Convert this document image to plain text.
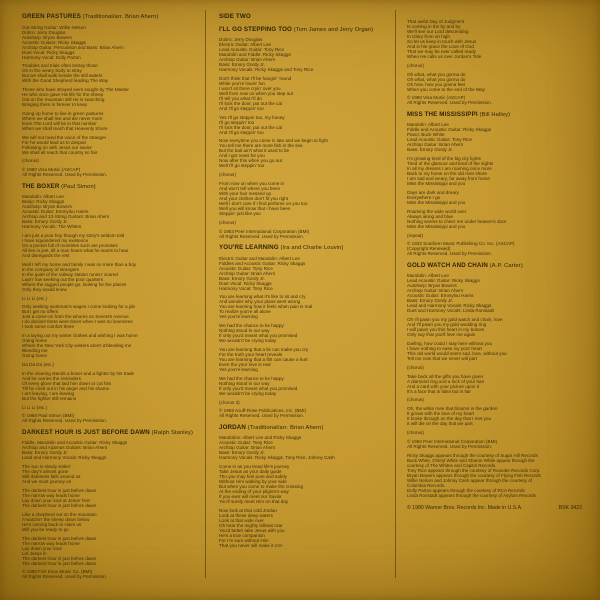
GREEN PASTURES (Traditional/arr. Brian Ahern)
Gut-String Guitar: Willie Nelson
Dobro: Jerry Douglas
Autoharp: Bryan Bowers
Acoustic Guitars: Ricky Skaggs
Archtop Guitar, Percussion and Bass: Brian Ahern
Duet Vocal: Ricky Skaggs
Harmony Vocal: Dolly Parton
Troubles and trials often betray those
On in the weary body to stray
But we shall walk beside the still waters
With the Good Shepherd leading The Way
Those who have strayed were sought by The Master
He who once gave His life for the sheep
Out on the mountain still He is searching
Bringing them in forever to keep
Going up home to live in green pastures
Where we shall live and die never more
Even The Lord will be in that number
When we shall reach that Heavenly Shore
We will not heed the voice of the stranger
For he would lead us to despair
Following on with Jesus our savior
We shall all reach that country so fair
(chorus)
© 1980 Visa Music (ASCAP)
All Rights Reserved. Used by Permission.
THE BOXER (Paul Simon)
Mandolin: Albert Lee
Banjo: Ricky Skaggs
Autoharp: Bryan Bowers
Acoustic Guitar: Emmylou Harris
Archtop and 12-String Guitars: Brian Ahern
Bass: Emory Gordy Jr.
Harmony Vocals: The Whites
I am just a poor boy though my story's seldom told
I have squandered my existence
On a pocket full of mumbles such are promises
All lies in jest, till a man hears what he wants to hear
And disregards the rest
Well I left my home and family I was no more than a boy
In the company of strangers
In the quiet of the railway station runnin' scared
Layin' low seeking out the poor quarters
Where the ragged people go, looking for the places
Only they would know
Li Li Li (etc.)
Only seeking workman's wages I come looking for a job
But I get no offers
Just a come-on from the whores on Seventh Avenue
I do declare there were times when I was so lonesome
I took some comfort there
In a laying out my winter clothes and wishing I was home
Going home
Where the New York City winters aren't a'bleeding me
Bleeding me
Going home
Da Da Da (etc.)
In the clearing stands a boxer and a fighter by his trade
And he carries the reminders
Of every glove that laid him down or cut him
Till he cried out in his anger and his shame
I am leaving, I am leaving
But the fighter still remains
Li Li Li (etc.)
© 1968 Paul Simon (BMI)
All Rights Reserved. Used by Permission.
DARKEST HOUR IS JUST BEFORE DAWN (Ralph Stanley)
Fiddle, Mandolin and Acoustic Guitar: Ricky Skaggs
Archtop and Adamas Guitars: Brian Ahern
Bass: Emory Gordy Jr.
Lead and Harmony Vocals: Ricky Skaggs
The sun is slowly sinkin'
The day's almost gone
Still darkness falls around us
And we must journey on
The darkest hour is just before dawn
The narrow way leads home
Lay down your soul at Jesus' feet
The darkest hour is just before dawn
Like a shepherd out on the mountain
A'watchin' the sheep down below
He's coming back to claim us
Will you be ready to go
The darkest hour is just before dawn
The narrow way leads home
Lay down your soul
Let Jesus in
The darkest hour is just before dawn
The darkest hour is just before dawn
© 1980 Fort Knox Music Co. (BMI)
All Rights Reserved. Used by Permission.
SIDE TWO
I'LL GO STEPPING TOO (Tom James and Jerry Organ)
Dobro: Jerry Douglas
Electric Guitar: Albert Lee
Lead Acoustic Guitar: Tony Rice
Mandolin and Fiddle: Ricky Skaggs
Archtop Guitar: Brian Ahern
Bass: Emory Gordy Jr.
Harmony Vocals: Ricky Skaggs and Tony Rice.
Don't think that I'll be hangin' 'round
While you're havin' fun
I won't sit there cryin' over you
Well from now on when you step out
I'll tell you what I'll do
I'll lock the door, put out the cat
And I'll go steppin' too
Yes I'll go steppin too, my honey
I'll go steppin' too
I'll lock the door, put out the cat
And I'll go steppin' too
Now everytime you come in late and we begin to fight
You tell me there are more fish in the sea
But the bait ain't what it used to be
And I got news for you
Now after this when you go out
Well I'll go steppin' too
(chorus)
From now on when you come in
And won't tell where you been
With your hair messed up
And your clothes don't fit you right
Well I don't care if I find perfume on you too
Well you will know that I have been
Steppin' just like you
(chorus)
© 1953 Peer International Corporation (BMI)
All Rights Reserved. Used by Permission.
YOU'RE LEARNING (Ira and Charlie Louvin)
Electric Guitar and Mandolin: Albert Lee
Fiddles and Acoustic Guitar: Ricky Skaggs
Acoustic Guitar: Tony Rice
Archtop Guitar: Brian Ahern
Bass: Emory Gordy Jr.
Duet Vocal: Ricky Skaggs
Harmony Vocal: Tony Rice
You are learning what it's like to sit and cry
And wonder why your plans went wrong
You are learning how it feels when pain is real
To realize you're all alone
Yes you're learning
We had the chance to be happy
Nothing stood in our way
If only you'd meant what you promised
We wouldn't be crying today
You are learning that a lie can make you cry
For the truth your heart reveals
You are learning that a flirt can cause a hurt
Even tho your love is real
Yes you're learning
We had the chance to be happy
Nothing stood in our way
If only you'd meant what you promised
We wouldn't be crying today
(chorus 3)
© 1959 Acuff-Rose Publications, Inc. (BMI)
All Rights Reserved. Used by Permission.
JORDAN (Traditional/arr. Brian Ahern)
Mandolins: Albert Lee and Ricky Skaggs
Acoustic Guitar: Tony Rice
Archtop Guitar: Brian Ahern
Bass: Emory Gordy Jr.
Harmony Vocals: Ricky Skaggs, Tony Rice, Johnny Cash
Come in as you tread life's journey
Take Jesus as your daily guide
Tho you may feel pure and safely
Without Him walking by your side
But when you come to make the crossing
At the ending of your pilgrim's way
If you ever will meet our Savior
You'll surely meet Him on that day
Now look at that cold Jordan
Look at these deep waters
Look at that wide river
Oh hear the mighty billows roar
You'd better take Jesus with you
He's a true companion
For I'm sure without Him
That you never will make it o'er
That awful Day of Judgment
Is coming in the by and by
We'll see our Lord descending
In Glory from on high
So let us keep in touch with Jesus
And in his grace the Love of God
That we may be ever called ready
When He calls us over Jordan's Tide
(chorus)
Oh what, what you gonna do
Oh what, what you gonna do
Oh how, how you gonna feel
When you come to the end of the Way
© 1980 Visa Music (ASCAP)
All Rights Reserved. Used by Permission.
MISS THE MISSISSIPPI (Bill Halley)
Mandolin: Albert Lee
Fiddle and Acoustic Guitar: Ricky Skaggs
Piano: Buck White
Lead Acoustic Guitar: Tony Rice
Archtop Guitar: Brian Ahern
Bass: Emory Gordy Jr.
I'm growing tired of the big city lights
Tired of the glamour and tired of the sights
In all my dreams I am roaming once more
Back to my home on the old river shore
I am sad and weary, far away from home
Miss the Mississippi and you
Days are dark and dreary
Everywhere I go
Miss the Mississippi and you
Roaming the wide world over
Always along and blue
Nothing seems to cheer me under heaven's door
Miss the Mississippi and you
(repeat)
© 1932 Southern Music Publishing Co. Inc. (ASCAP)
(Copyright Renewed)
All Rights Reserved. Used by Permission.
GOLD WATCH AND CHAIN (A.P. Carter)
Mandolin: Albert Lee
Lead Acoustic Guitar: Ricky Skaggs
Autoharp: Bryan Bowers
Archtop Guitar: Brian Ahern
Acoustic Guitar: Emmylou Harris
Bass: Emory Gordy Jr.
Lead and Harmony Vocals: Ricky Skaggs
Duet and Harmony Vocals: Linda Ronstadt
Oh I'll pawn you my gold watch and chain, love
And I'll pawn you my gold wedding ring
I will pawn you this heart in my bosom
Only say that you'll love me again
Darling, how could I stay here without you
I have nothing to ease my poor heart
This old world would seem sad, love, without you
Tell me now that we never will part
(chorus)
Take back all the gifts you have given
A diamond ring and a lock of your hair
And a card with your picture upon it
It's a face that is false but is fair
(chorus)
Oh, the white rose that blooms in the garden
It grows with the love of my heart
It broke through on the day that I met you
It will die on the day that we part
(chorus)
© 1960 Peer International Corporation (BMI)
All Rights Reserved. Used by Permission.
Ricky Skaggs appears through the courtesy of Sugar Hill Records
Buck White, Cheryl White and Sharon White appear through the
courtesy of The Whites and Capitol Records.
Tony Rice appears through the courtesy of Rounder Records Corp.
Bryan Bowers appears through the courtesy of Flying Fish Records
Willie Nelson and Johnny Cash appear through the courtesy of
Columbia Records.
Dolly Parton appears through the courtesy of RCA Records
Linda Ronstadt appears through the courtesy of Asylum Records
© 1980 Warner Bros. Records Inc. Made in U.S.A.	BSK 3422
